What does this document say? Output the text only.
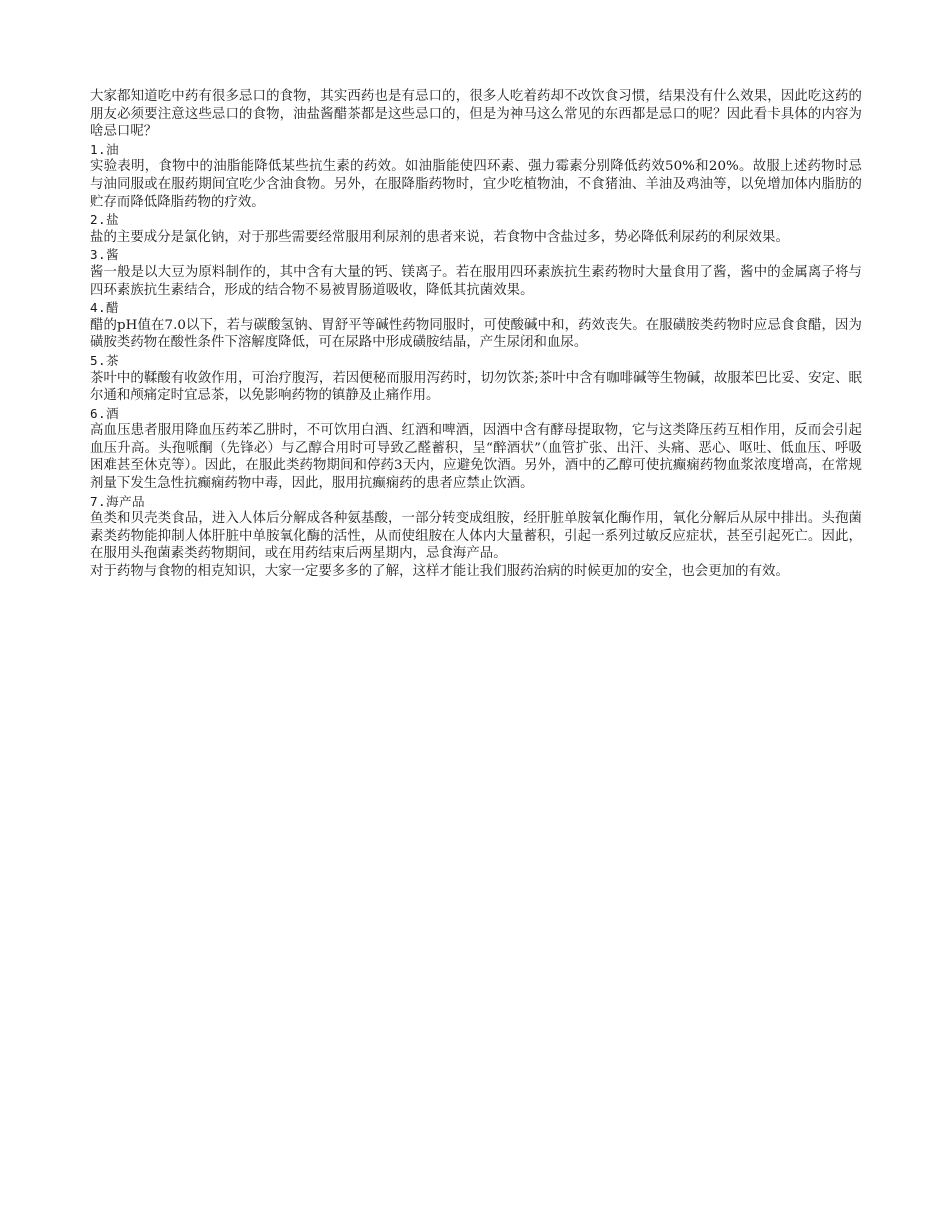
大家都知道吃中药有很多忌口的食物，其实西药也是有忌口的，很多人吃着药却不改饮食习惯，结果没有什么效果，因此吃这药的朋友必须要注意这些忌口的食物，油盐酱醋茶都是这些忌口的，但是为神马这么常见的东西都是忌口的呢？因此看卡具体的内容为啥忌口呢？

1.油

实验表明，食物中的油脂能降低某些抗生素的药效。如油脂能使四环素、强力霉素分别降低药效50%和20%。故服上述药物时忌与油同服或在服药期间宜吃少含油食物。另外，在服降脂药物时，宜少吃植物油，不食猪油、羊油及鸡油等，以免增加体内脂肪的贮存而降低降脂药物的疗效。

2.盐

盐的主要成分是氯化钠，对于那些需要经常服用利尿剂的患者来说，若食物中含盐过多，势必降低利尿药的利尿效果。

3.酱

酱一般是以大豆为原料制作的，其中含有大量的钙、镁离子。若在服用四环素族抗生素药物时大量食用了酱，酱中的金属离子将与四环素族抗生素结合，形成的结合物不易被胃肠道吸收，降低其抗菌效果。

4.醋

醋的pH值在7.0以下，若与碳酸氢钠、胃舒平等碱性药物同服时，可使酸碱中和，药效丧失。在服磺胺类药物时应忌食食醋，因为磺胺类药物在酸性条件下溶解度降低，可在尿路中形成磺胺结晶，产生尿闭和血尿。

5.茶

茶叶中的鞣酸有收敛作用，可治疗腹泻，若因便秘而服用泻药时，切勿饮茶;茶叶中含有咖啡碱等生物碱，故服苯巴比妥、安定、眠尔通和颅痛定时宜忌茶，以免影响药物的镇静及止痛作用。

6.酒

高血压患者服用降血压药苯乙肼时，不可饮用白酒、红酒和啤酒，因酒中含有酵母提取物，它与这类降压药互相作用，反而会引起血压升高。头孢哌酮（先锋必）与乙醇合用时可导致乙醛蓄积，呈“醉酒状”（血管扩张、出汗、头痛、恶心、呕吐、低血压、呼吸困难甚至休克等）。因此，在服此类药物期间和停药3天内，应避免饮酒。另外，酒中的乙醇可使抗癫痫药物血浆浓度增高，在常规剂量下发生急性抗癫痫药物中毒，因此，服用抗癫痫药的患者应禁止饮酒。

7.海产品

鱼类和贝壳类食品，进入人体后分解成各种氨基酸，一部分转变成组胺，经肝脏单胺氧化酶作用，氧化分解后从尿中排出。头孢菌素类药物能抑制人体肝脏中单胺氧化酶的活性，从而使组胺在人体内大量蓄积，引起一系列过敏反应症状，甚至引起死亡。因此，在服用头孢菌素类药物期间，或在用药结束后两星期内，忌食海产品。

对于药物与食物的相克知识，大家一定要多多的了解，这样才能让我们服药治病的时候更加的安全，也会更加的有效。
